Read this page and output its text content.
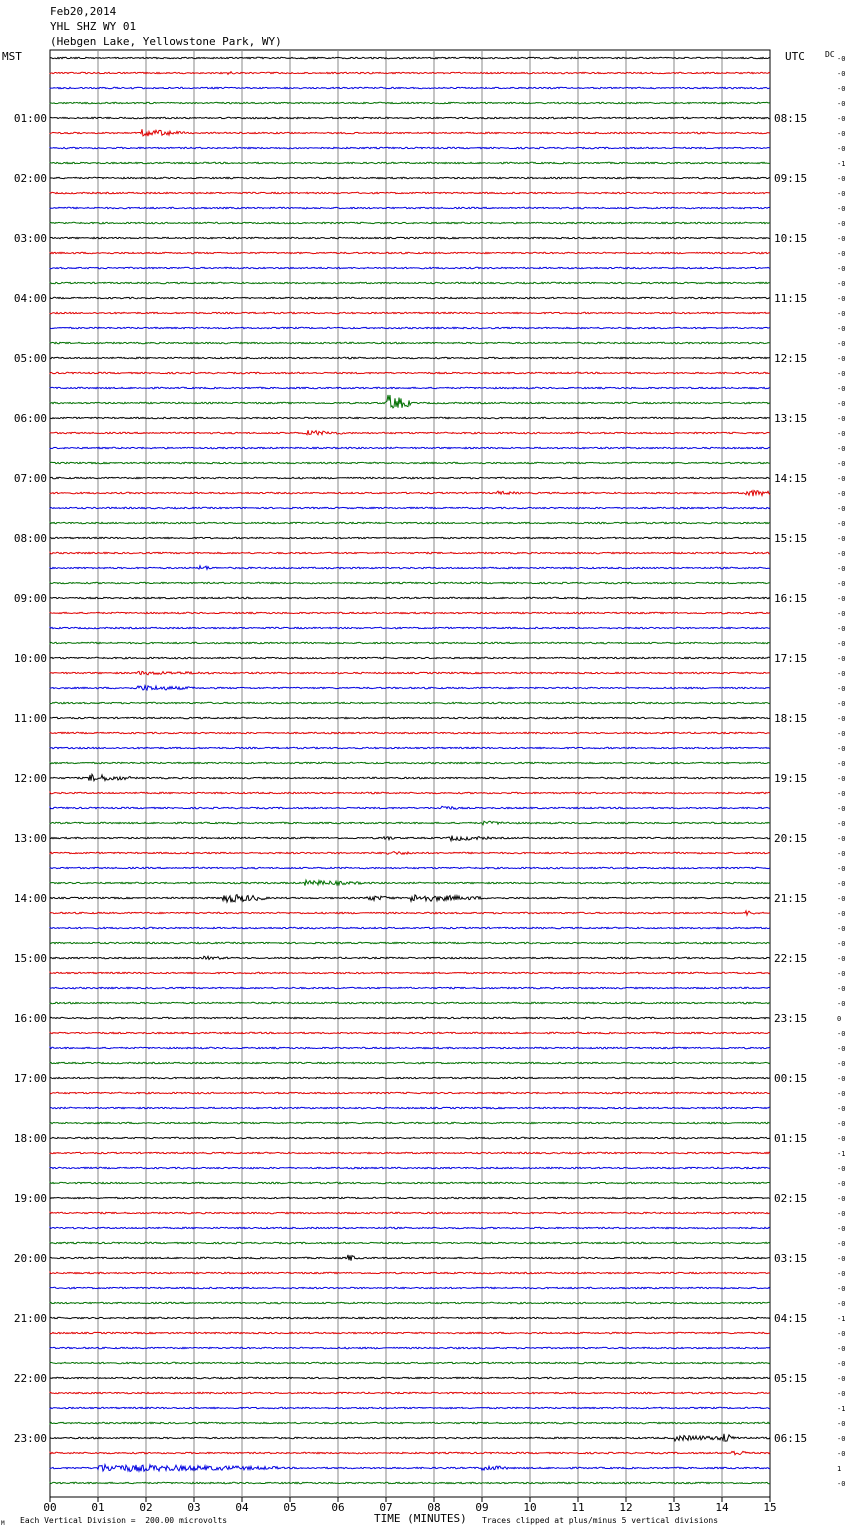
-0
-0
-0
-0
-0
-0
-0
-1
-0
-0
-0
-0
-0
-0
-0
-0
-0
-0
-0
-0
-0
-0
-0
-0
-0
-0
-0
-0
-0
-0
-0
-0
-0
-0
-0
-0
-0
-0
-0
-0
-0
-0
-0
-0
-0
-0
-0
-0
-0
-0
-0
-0
-0
-0
-0
-0
-0
-0
-0
-0
-0
-0
-0
-0
0
-0
-0
-0
-0
-0
-0
-0
-0
-1
-0
-0
-0
-0
-0
-0
-0
-0
-0
-0
-1
-0
-0
-0
-0
-0
-1
-0
-0
-0
1
-0
01:00
02:00
03:00
04:00
05:00
06:00
07:00
08:00
09:00
10:00
11:00
12:00
13:00
14:00
15:00
16:00
17:00
18:00
19:00
20:00
21:00
22:00
23:00
08:15
09:15
10:15
11:15
12:15
13:15
14:15
15:15
16:15
17:15
18:15
19:15
20:15
21:15
22:15
23:15
00:15
01:15
02:15
03:15
04:15
05:15
06:15
00	01	02	03	04	05	06	07	08	09	10	11	12	13	14	15
Feb20,2014
YHL SHZ WY 01
(Hebgen Lake, Yellowstone Park, WY)
MST	UTC	DC
TIME (MINUTES)
Each Vertical Division =  200.00 microvolts	Traces clipped at plus/minus 5 vertical divisions
M
